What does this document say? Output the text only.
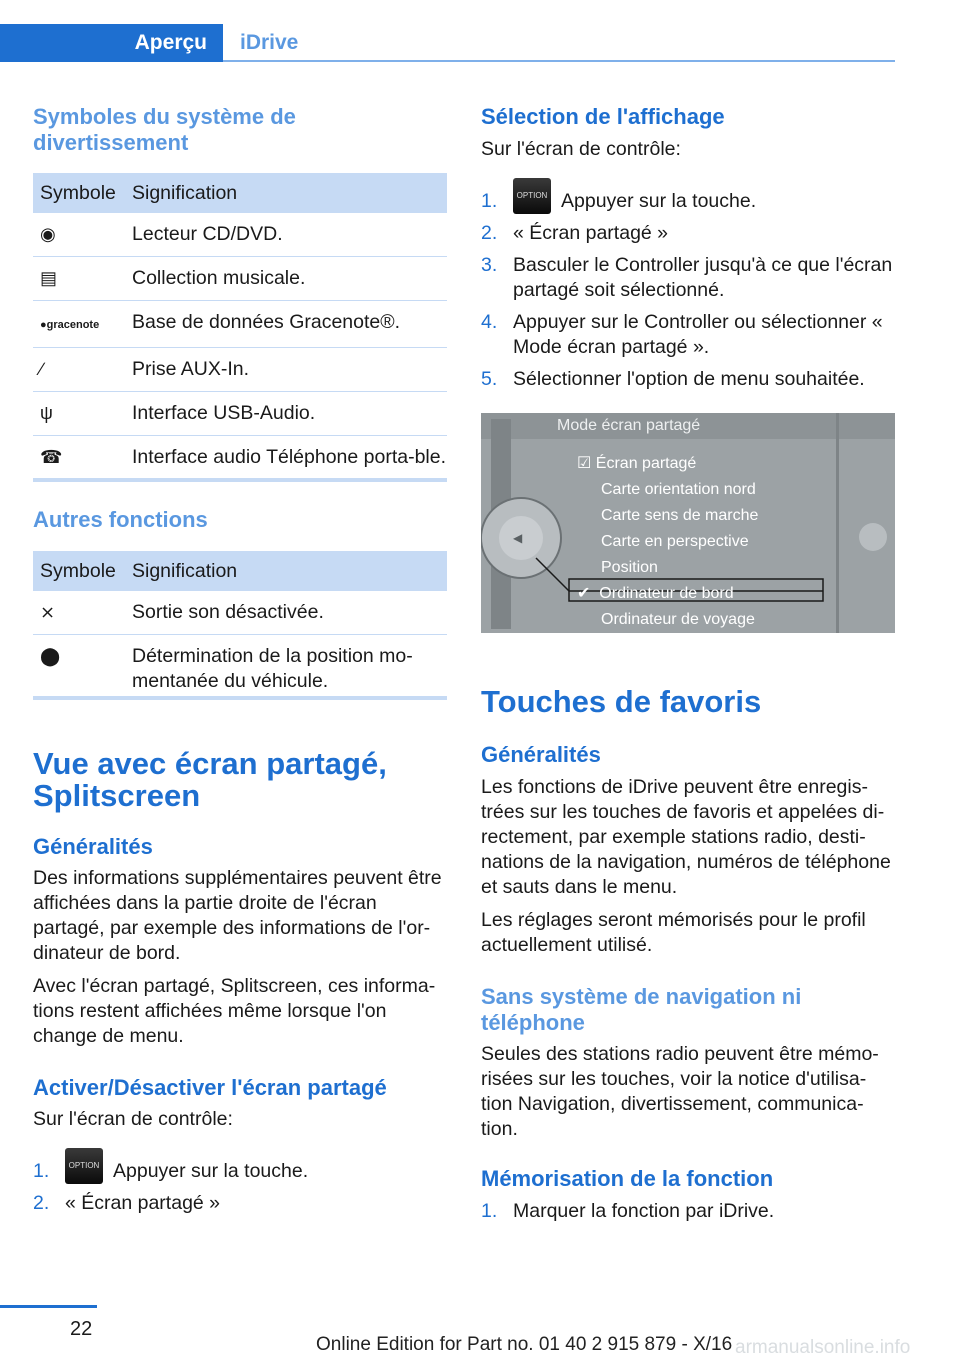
Aperçu	iDrive
Symboles du système de divertissement
Symbole	Signification
◉	Lecteur CD/DVD.
▤	Collection musicale.
●gracenote	Base de données Gracenote®.
∕	Prise AUX-In.
ψ	Interface USB-Audio.
☎	Interface audio Téléphone porta-ble.
Autres fonctions
Symbole	Signification
⨯	Sortie son désactivée.
⬤	Détermination de la position mo-mentanée du véhicule.
Vue avec écran partagé, Splitscreen
Généralités
Des informations supplémentaires peuvent être affichées dans la partie droite de l'écran partagé, par exemple des informations de l'or-dinateur de bord.
Avec l'écran partagé, Splitscreen, ces informa-tions restent affichées même lorsque l'on change de menu.
Activer/Désactiver l'écran partagé
Sur l'écran de contrôle:
1.	OPTION Appuyer sur la touche.
2. « Écran partagé »
Sélection de l'affichage
Sur l'écran de contrôle:
1.	OPTION Appuyer sur la touche.
2. « Écran partagé »
3. Basculer le Controller jusqu'à ce que l'écran partagé soit sélectionné.
4. Appuyer sur le Controller ou sélectionner « Mode écran partagé ».
5. Sélectionner l'option de menu souhaitée.
◀
Mode écran partagé
☑ Écran partagé
Carte orientation nord
Carte sens de marche
Carte en perspective
Position
✔ Ordinateur de bord
Ordinateur de voyage
Touches de favoris
Généralités
Les fonctions de iDrive peuvent être enregis-trées sur les touches de favoris et appelées di-rectement, par exemple stations radio, desti-nations de la navigation, numéros de téléphone et sauts dans le menu.
Les réglages seront mémorisés pour le profil actuellement utilisé.
Sans système de navigation ni téléphone
Seules des stations radio peuvent être mémo-risées sur les touches, voir la notice d'utilisa-tion Navigation, divertissement, communica-tion.
Mémorisation de la fonction
1. Marquer la fonction par iDrive.
22
Online Edition for Part no. 01 40 2 915 879 - X/16 armanualsonline.info
